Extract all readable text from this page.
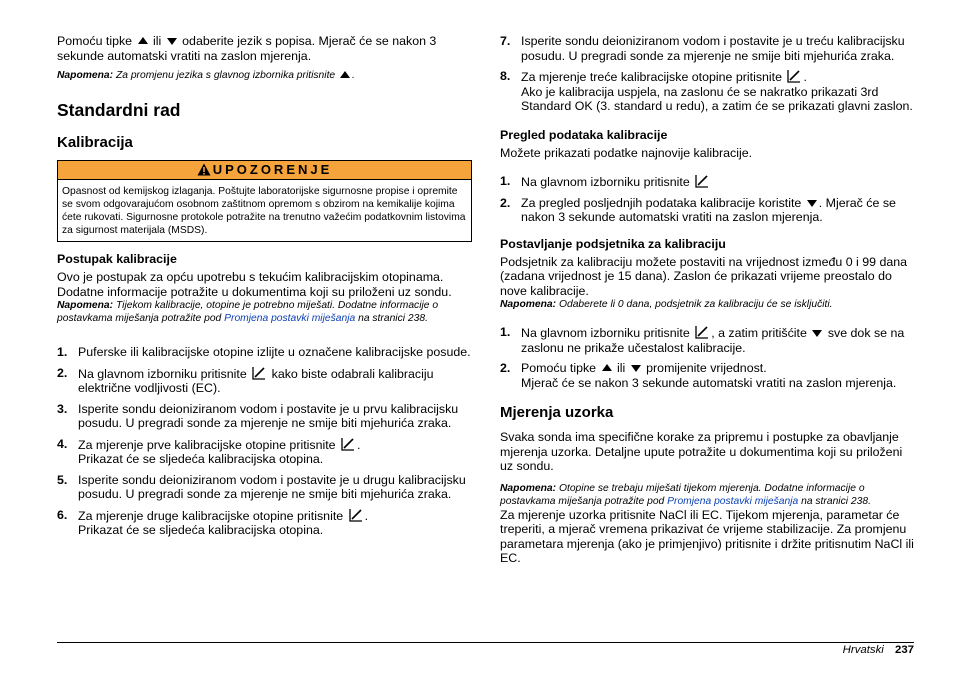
Pomoću tipke ili odaberite jezik s popisa. Mjerač će se nakon 3 sekunde automatski vratiti na zaslon mjerenja.

Napomena: Za promjenu jezika s glavnog izbornika pritisnite .

Standardni rad
Kalibracija
UPOZORENJE
Opasnost od kemijskog izlaganja. Poštujte laboratorijske sigurnosne propise i opremite se svom odgovarajućom osobnom zaštitnom opremom s obzirom na kemikalije kojima ćete rukovati. Sigurnosne protokole potražite na trenutno važećim podatkovnim listovima za sigurnost materijala (MSDS).
Postupak kalibracije

Ovo je postupak za opću upotrebu s tekućim kalibracijskim otopinama. Dodatne informacije potražite u dokumentima koji su priloženi uz sondu.

Napomena: Tijekom kalibracije, otopine je potrebno miješati. Dodatne informacije o postavkama miješanja potražite pod Promjena postavki miješanja na stranici 238.

1. Puferske ili kalibracijske otopine izlijte u označene kalibracijske posude.
2. Na glavnom izborniku pritisnite kako biste odabrali kalibraciju električne vodljivosti (EC).
3. Isperite sondu deioniziranom vodom i postavite je u prvu kalibracijsku posudu. U pregradi sonde za mjerenje ne smije biti mjehurića zraka.
4. Za mjerenje prve kalibracijske otopine pritisnite .
Prikazat će se sljedeća kalibracijska otopina.
5. Isperite sondu deioniziranom vodom i postavite je u drugu kalibracijsku posudu. U pregradi sonde za mjerenje ne smije biti mjehurića zraka.
6. Za mjerenje druge kalibracijske otopine pritisnite .
Prikazat će se sljedeća kalibracijska otopina.
7. Isperite sondu deioniziranom vodom i postavite je u treću kalibracijsku posudu. U pregradi sonde za mjerenje ne smije biti mjehurića zraka.
8. Za mjerenje treće kalibracijske otopine pritisnite .
Ako je kalibracija uspjela, na zaslonu će se nakratko prikazati 3rd Standard OK (3. standard u redu), a zatim će se prikazati glavni zaslon.
Pregled podataka kalibracije

Možete prikazati podatke najnovije kalibracije.

1. Na glavnom izborniku pritisnite
2. Za pregled posljednjih podataka kalibracije koristite . Mjerač će se nakon 3 sekunde automatski vratiti na zaslon mjerenja.
Postavljanje podsjetnika za kalibraciju

Podsjetnik za kalibraciju možete postaviti na vrijednost između 0 i 99 dana (zadana vrijednost je 15 dana). Zaslon će prikazati vrijeme preostalo do nove kalibracije.

Napomena: Odaberete li 0 dana, podsjetnik za kalibraciju će se isključiti.

1. Na glavnom izborniku pritisnite , a zatim pritišćite sve dok se na zaslonu ne prikaže učestalost kalibracije.
2. Pomoću tipke ili promijenite vrijednost.
Mjerač će se nakon 3 sekunde automatski vratiti na zaslon mjerenja.
Mjerenja uzorka

Svaka sonda ima specifične korake za pripremu i postupke za obavljanje mjerenja uzorka. Detaljne upute potražite u dokumentima koji su priloženi uz sondu.

Napomena: Otopine se trebaju miješati tijekom mjerenja. Dodatne informacije o postavkama miješanja potražite pod Promjena postavki miješanja na stranici 238.

Za mjerenje uzorka pritisnite NaCl ili EC. Tijekom mjerenja, parametar će treperiti, a mjerač vremena prikazivat će vrijeme stabilizacije. Za promjenu parametara mjerenja (ako je primjenjivo) pritisnite i držite pritisnutim NaCl ili EC.

Hrvatski 237
